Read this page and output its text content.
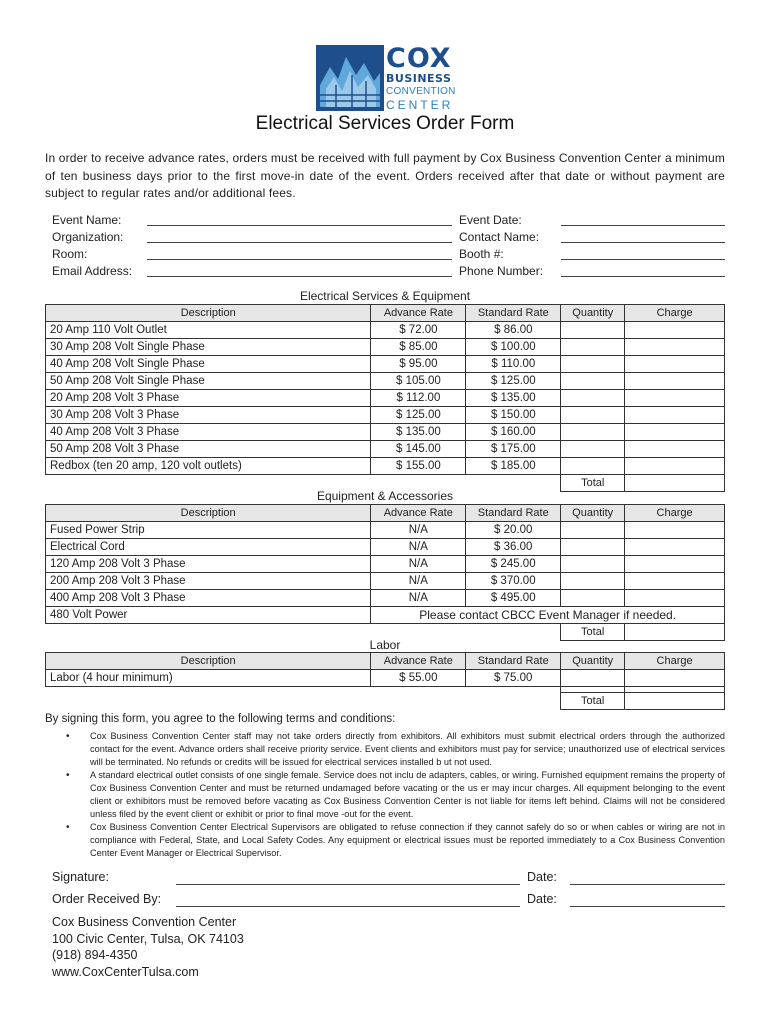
COX
BUSINESS
CONVENTION
CENTER
Electrical Services Order Form
In order to receive advance rates, orders must be received with full payment by Cox Business Convention Center a minimum of ten business days prior to the first move-in date of the event. Orders received after that date or without payment are subject to regular rates and/or additional fees.
Event Name:
Organization:
Room:
Email Address:
Event Date:
Contact Name:
Booth #:
Phone Number:
Electrical Services & Equipment
Description	Advance Rate	Standard Rate	Quantity	Charge
20 Amp 110 Volt Outlet	$ 72.00	$ 86.00		
30 Amp 208 Volt Single Phase	$ 85.00	$ 100.00		
40 Amp 208 Volt Single Phase	$ 95.00	$ 110.00		
50 Amp 208 Volt Single Phase	$ 105.00	$ 125.00		
20 Amp 208 Volt 3 Phase	$ 112.00	$ 135.00		
30 Amp 208 Volt 3 Phase	$ 125.00	$ 150.00		
40 Amp 208 Volt 3 Phase	$ 135.00	$ 160.00		
50 Amp 208 Volt 3 Phase	$ 145.00	$ 175.00		
Redbox (ten 20 amp, 120 volt outlets)	$ 155.00	$ 185.00		
			Total	
Equipment & Accessories
Description	Advance Rate	Standard Rate	Quantity	Charge
Fused Power Strip	N/A	$ 20.00		
Electrical Cord	N/A	$ 36.00		
120 Amp 208 Volt 3 Phase	N/A	$ 245.00		
200 Amp 208 Volt 3 Phase	N/A	$ 370.00		
400 Amp 208 Volt 3 Phase	N/A	$ 495.00		
480 Volt Power	Please contact CBCC Event Manager if needed.			
			Total	
Labor
Description	Advance Rate	Standard Rate	Quantity	Charge
Labor (4 hour minimum)	$ 55.00	$ 75.00		

			Total	
By signing this form, you agree to the following terms and conditions:
• Cox Business Convention Center staff may not take orders directly from exhibitors. All exhibitors must submit electrical orders through the authorized contact for the event. Advance orders shall receive priority service. Event clients and exhibitors must pay for service; unauthorized use of electrical services will be terminated. No refunds or credits will be issued for electrical services installed b ut not used.
• A standard electrical outlet consists of one single female. Service does not inclu de adapters, cables, or wiring. Furnished equipment remains the property of Cox Business Convention Center and must be returned undamaged before vacating or the us er may incur charges. All equipment belonging to the event client or exhibitors must be removed before vacating as Cox Business Convention Center is not liable for items left behind. Claims will not be considered unless filed by the event client or exhibit or prior to final move -out for the event.
• Cox Business Convention Center Electrical Supervisors are obligated to refuse connection if they cannot safely do so or when cables or wiring are not in compliance with Federal, State, and Local Safety Codes. Any equipment or electrical issues must be reported immediately to a Cox Business Convention Center Event Manager or Electrical Supervisor.
Signature:	Date:
Order Received By:	Date:
Cox Business Convention Center
100 Civic Center, Tulsa, OK 74103
(918) 894-4350
www.CoxCenterTulsa.com
